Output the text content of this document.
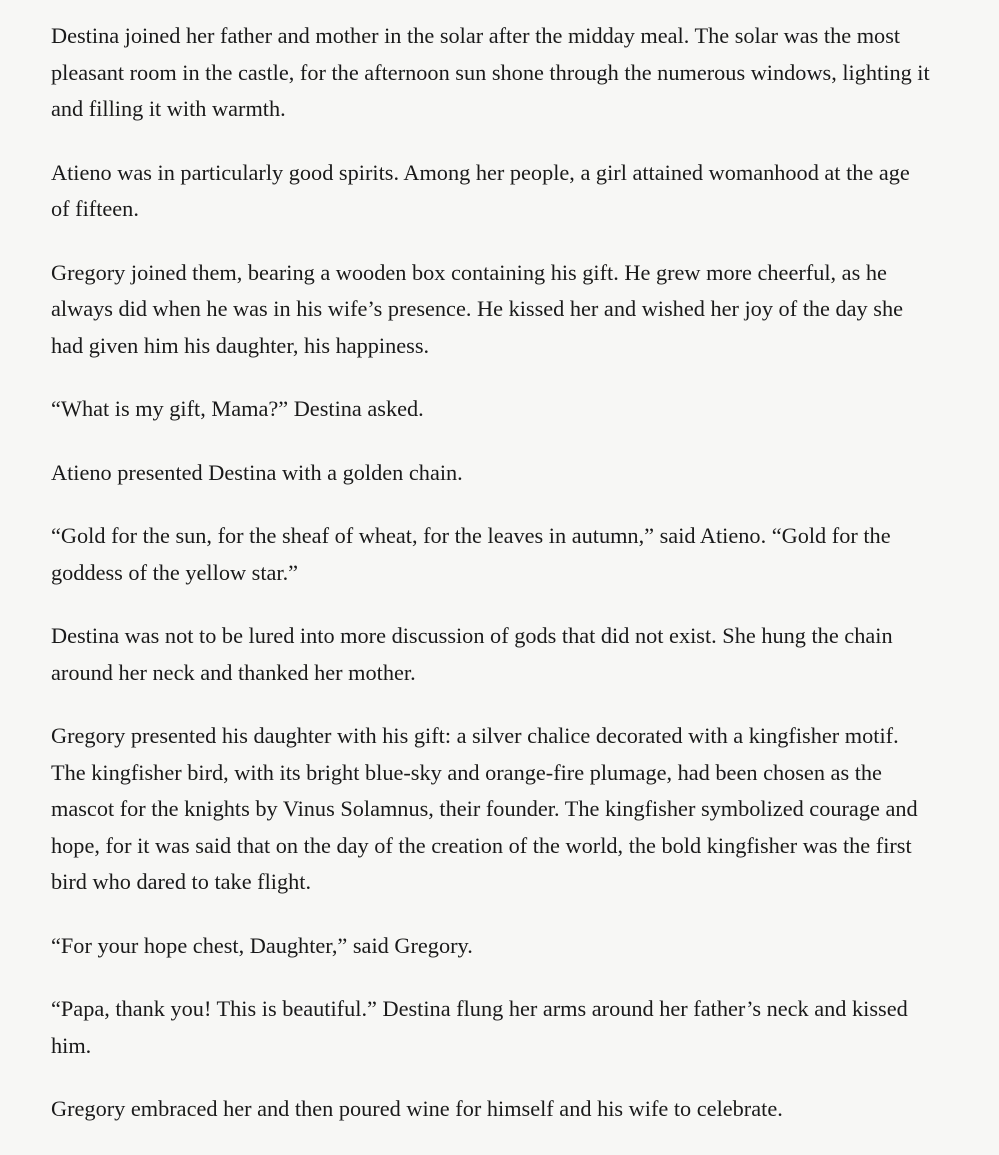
Destina joined her father and mother in the solar after the midday meal. The solar was the most pleasant room in the castle, for the afternoon sun shone through the numerous windows, lighting it and filling it with warmth.

Atieno was in particularly good spirits. Among her people, a girl attained womanhood at the age of fifteen.

Gregory joined them, bearing a wooden box containing his gift. He grew more cheerful, as he always did when he was in his wife’s presence. He kissed her and wished her joy of the day she had given him his daughter, his happiness.

“What is my gift, Mama?” Destina asked.

Atieno presented Destina with a golden chain.

“Gold for the sun, for the sheaf of wheat, for the leaves in autumn,” said Atieno. “Gold for the goddess of the yellow star.”

Destina was not to be lured into more discussion of gods that did not exist. She hung the chain around her neck and thanked her mother.

Gregory presented his daughter with his gift: a silver chalice decorated with a kingfisher motif. The kingfisher bird, with its bright blue-sky and orange-fire plumage, had been chosen as the mascot for the knights by Vinus Solamnus, their founder. The kingfisher symbolized courage and hope, for it was said that on the day of the creation of the world, the bold kingfisher was the first bird who dared to take flight.

“For your hope chest, Daughter,” said Gregory.

“Papa, thank you! This is beautiful.” Destina flung her arms around her father’s neck and kissed him.

Gregory embraced her and then poured wine for himself and his wife to celebrate.
